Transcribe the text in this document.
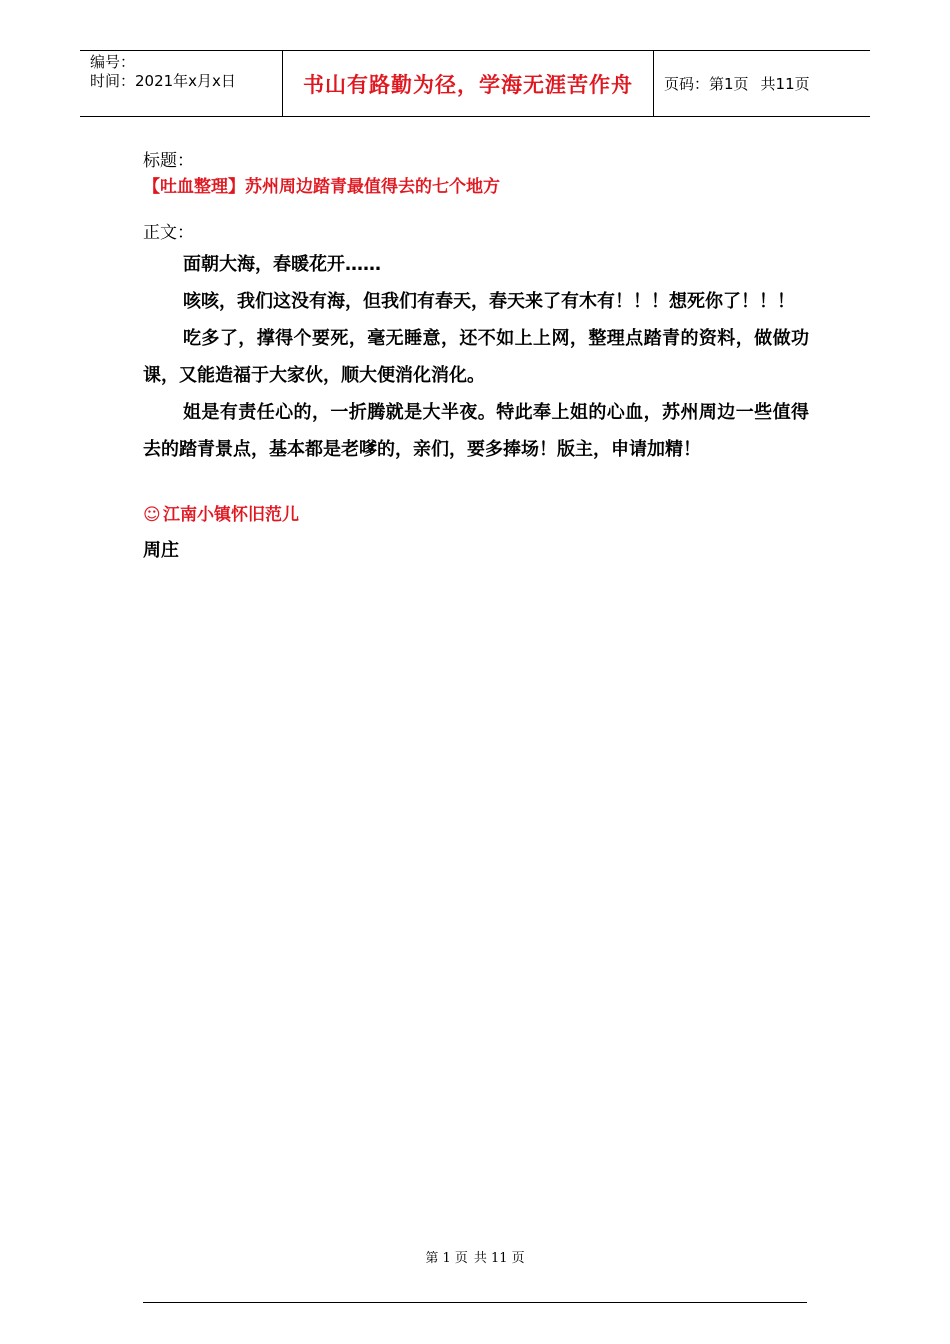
编号：
时间：2021年x月x日	书山有路勤为径，学海无涯苦作舟 页码：第1页 共11页
标题：
【吐血整理】苏州周边踏青最值得去的七个地方
正文：

面朝大海，春暖花开……

咳咳，我们这没有海，但我们有春天，春天来了有木有！！！想死你了！！！

吃多了，撑得个要死，毫无睡意，还不如上上网，整理点踏青的资料，做做功课，又能造福于大家伙，顺大便消化消化。

姐是有责任心的，一折腾就是大半夜。特此奉上姐的心血，苏州周边一些值得去的踏青景点，基本都是老嗲的，亲们，要多捧场！版主，申请加精！

☺ 江南小镇怀旧范儿
周庄
第 1 页 共 11 页
